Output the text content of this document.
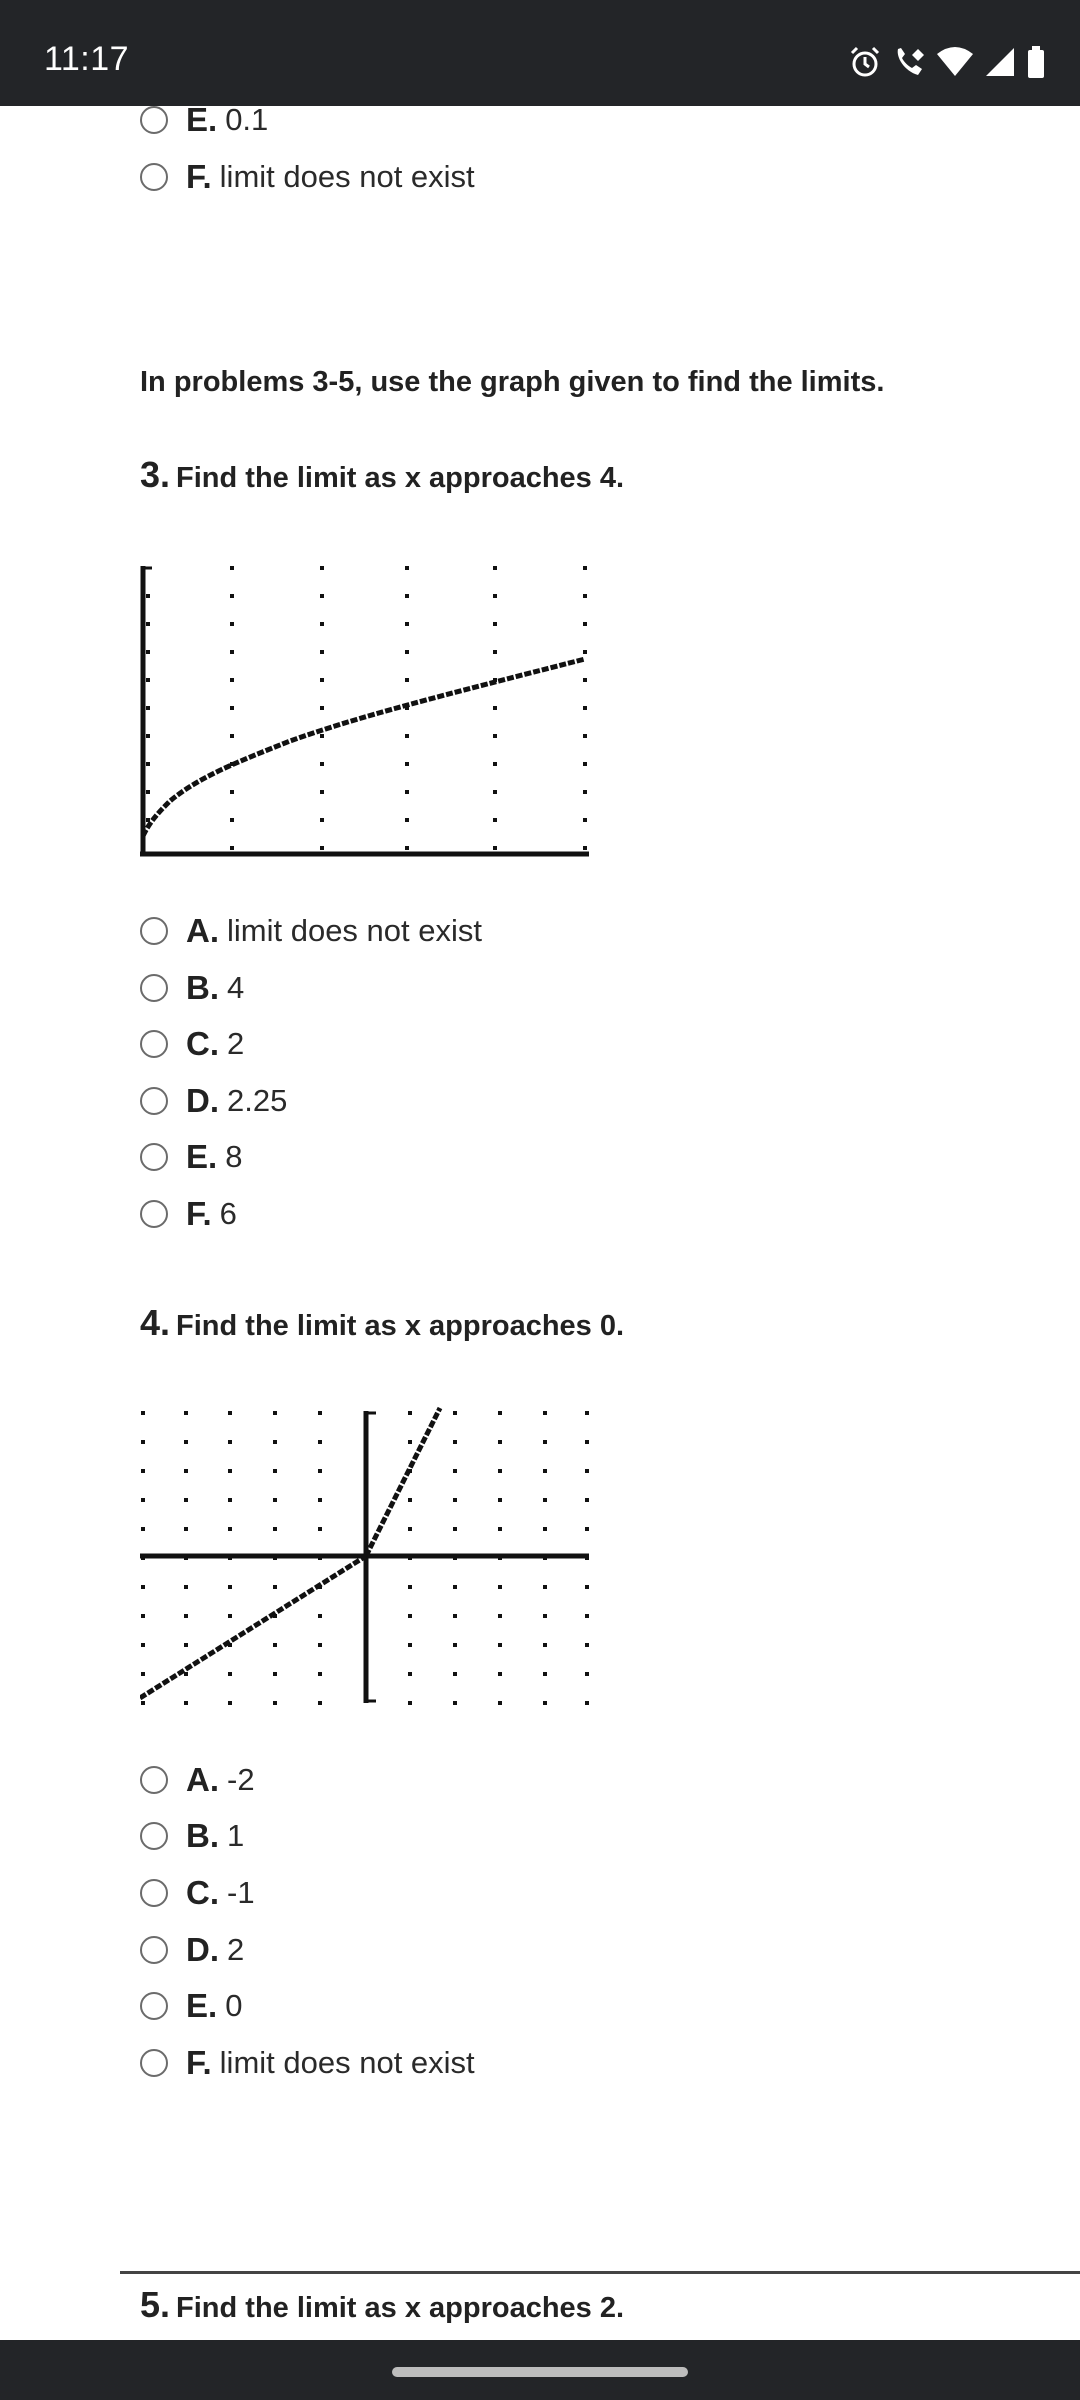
11:17
E. 0.1
F. limit does not exist
In problems 3-5, use the graph given to find the limits.
3. Find the limit as x approaches 4.
A. limit does not exist
B. 4
C. 2
D. 2.25
E. 8
F. 6
4. Find the limit as x approaches 0.
A. -2
B. 1
C. -1
D. 2
E. 0
F. limit does not exist
5. Find the limit as x approaches 2.
